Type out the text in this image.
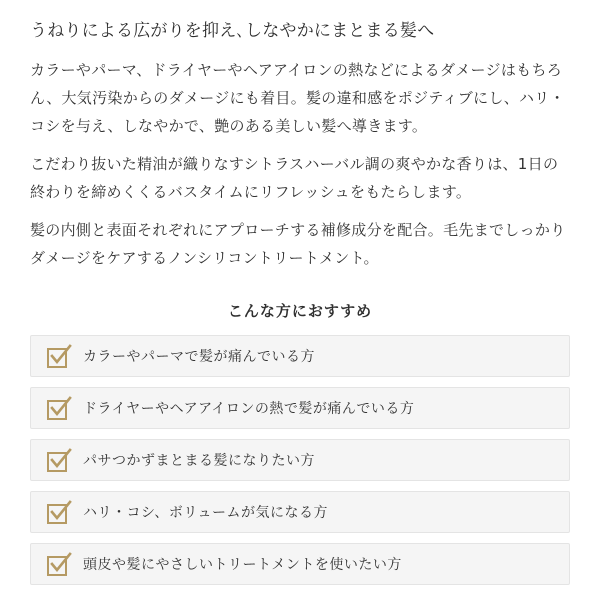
うねりによる広がりを抑え､しなやかにまとまる髪へ
カラーやパーマ、ドライヤーやヘアアイロンの熱などによるダメージはもちろん、大気汚染からのダメージにも着目。髪の違和感をポジティブにし、ハリ・コシを与え、しなやかで、艶のある美しい髪へ導きます。
こだわり抜いた精油が織りなすシトラスハーバル調の爽やかな香りは、1日の終わりを締めくくるバスタイムにリフレッシュをもたらします。
髪の内側と表面それぞれにアプローチする補修成分を配合。毛先までしっかりダメージをケアするノンシリコントリートメント。
こんな方におすすめ
カラーやパーマで髪が痛んでいる方
ドライヤーやヘアアイロンの熱で髪が痛んでいる方
パサつかずまとまる髪になりたい方
ハリ・コシ、ボリュームが気になる方
頭皮や髪にやさしいトリートメントを使いたい方
